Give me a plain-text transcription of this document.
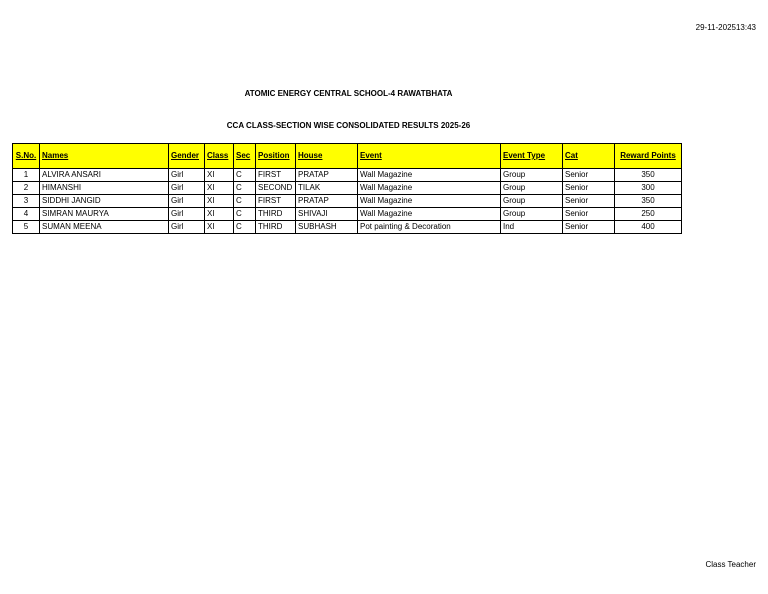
29-11-202513:43
ATOMIC ENERGY CENTRAL SCHOOL-4 RAWATBHATA
CCA CLASS-SECTION WISE CONSOLIDATED RESULTS 2025-26
S.No.	Names	Gender	Class	Sec	Position	House	Event	Event Type	Cat	Reward Points
1	ALVIRA ANSARI	Girl	XI	C	FIRST	PRATAP	Wall Magazine	Group	Senior	350
2	HIMANSHI	Girl	XI	C	SECOND	TILAK	Wall Magazine	Group	Senior	300
3	SIDDHI JANGID	Girl	XI	C	FIRST	PRATAP	Wall Magazine	Group	Senior	350
4	SIMRAN MAURYA	Girl	XI	C	THIRD	SHIVAJI	Wall Magazine	Group	Senior	250
5	SUMAN MEENA	Girl	XI	C	THIRD	SUBHASH	Pot painting & Decoration	Ind	Senior	400
Class Teacher
